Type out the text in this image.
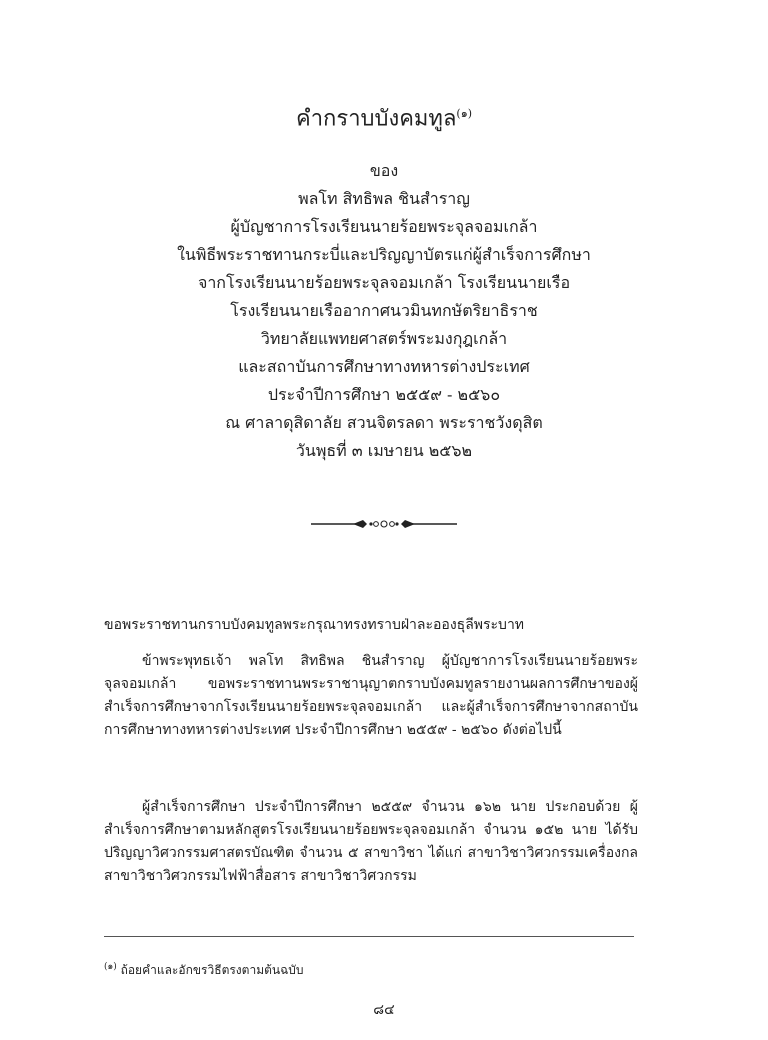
คำกราบบังคมทูล$^{(๑)}$
ของ
พลโท สิทธิพล ชินสำราญ
ผู้บัญชาการโรงเรียนนายร้อยพระจุลจอมเกล้า
ในพิธีพระราชทานกระบี่และปริญญาบัตรแก่ผู้สำเร็จการศึกษา
จากโรงเรียนนายร้อยพระจุลจอมเกล้า โรงเรียนนายเรือ
โรงเรียนนายเรืออากาศนวมินทกษัตริยาธิราช
วิทยาลัยแพทยศาสตร์พระมงกุฎเกล้า
และสถาบันการศึกษาทางทหารต่างประเทศ
ประจำปีการศึกษา ๒๕๕๙ - ๒๕๖๐
ณ ศาลาดุสิดาลัย สวนจิตรลดา พระราชวังดุสิต
วันพุธที่ ๓ เมษายน ๒๕๖๒
ขอพระราชทานกราบบังคมทูลพระกรุณาทรงทราบฝ่าละอองธุลีพระบาท
ข้าพระพุทธเจ้า พลโท สิทธิพล ชินสำราญ ผู้บัญชาการโรงเรียนนายร้อยพระจุลจอมเกล้า ขอพระราชทานพระราชานุญาตกราบบังคมทูลรายงานผลการศึกษาของผู้สำเร็จการศึกษาจากโรงเรียนนายร้อยพระจุลจอมเกล้า และผู้สำเร็จการศึกษาจากสถาบันการศึกษาทางทหารต่างประเทศ ประจำปีการศึกษา ๒๕๕๙ - ๒๕๖๐ ดังต่อไปนี้
ผู้สำเร็จการศึกษา ประจำปีการศึกษา ๒๕๕๙ จำนวน ๑๖๒ นาย ประกอบด้วย ผู้สำเร็จการศึกษาตามหลักสูตรโรงเรียนนายร้อยพระจุลจอมเกล้า จำนวน ๑๕๒ นาย ได้รับปริญญาวิศวกรรมศาสตรบัณฑิต จำนวน ๕ สาขาวิชา ได้แก่ สาขาวิชาวิศวกรรมเครื่องกล สาขาวิชาวิศวกรรมไฟฟ้าสื่อสาร สาขาวิชาวิศวกรรม
$^{(๑)}$ ถ้อยคำและอักขรวิธีตรงตามต้นฉบับ
๘๔
